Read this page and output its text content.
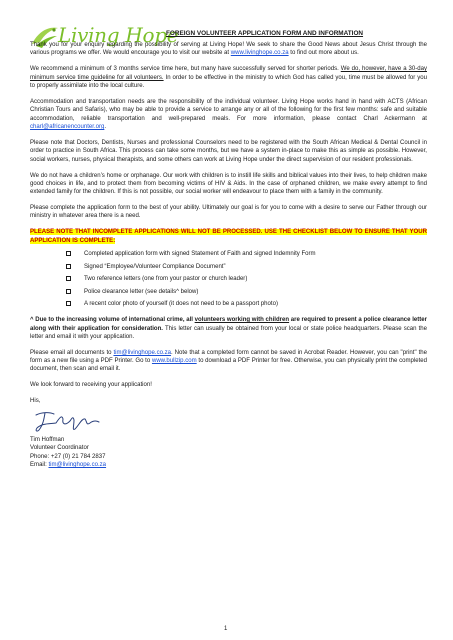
Living Hope
FOREIGN VOLUNTEER APPLICATION FORM AND INFORMATION

Thank you for your enquiry regarding the possibility of serving at Living Hope! We seek to share the Good News about Jesus Christ through the various programs we offer. We would encourage you to visit our website at www.livinghope.co.za to find out more about us.

We recommend a minimum of 3 months service time here, but many have successfully served for shorter periods. We do, however, have a 30-day minimum service time guideline for all volunteers. In order to be effective in the ministry to which God has called you, time must be allowed for you to properly assimilate into the local culture.

Accommodation and transportation needs are the responsibility of the individual volunteer. Living Hope works hand in hand with ACTS (African Christian Tours and Safaris), who may be able to provide a service to arrange any or all of the following for the first few months: safe and suitable accommodation, reliable transportation and well-prepared meals. For more information, please contact Charl Ackermann at charl@africanencounter.org.

Please note that Doctors, Dentists, Nurses and professional Counselors need to be registered with the South African Medical & Dental Council in order to practice in South Africa. This process can take some months, but we have a system in-place to make this as simple as possible. However, social workers, nurses, physical therapists, and some others can work at Living Hope under the direct supervision of our resident professionals.

We do not have a children’s home or orphanage. Our work with children is to instill life skills and biblical values into their lives, to help children make good choices in life, and to protect them from becoming victims of HIV & Aids. In the case of orphaned children, we make every attempt to find extended family for the children. If this is not possible, our social worker will endeavour to place them with a family in the community.

Please complete the application form to the best of your ability. Ultimately our goal is for you to come with a desire to serve our Father through our ministry in whatever area there is a need.

PLEASE NOTE THAT INCOMPLETE APPLICATIONS WILL NOT BE PROCESSED. USE THE CHECKLIST BELOW TO ENSURE THAT YOUR APPLICATION IS COMPLETE:

Completed application form with signed Statement of Faith and signed Indemnity Form
Signed “Employee/Volunteer Compliance Document”
Two reference letters (one from your pastor or church leader)
Police clearance letter (see details^ below)
A recent color photo of yourself (it does not need to be a passport photo)

^ Due to the increasing volume of international crime, all volunteers working with children are required to present a police clearance letter along with their application for consideration. This letter can usually be obtained from your local or state police headquarters. Please scan the letter and email it with your application.

Please email all documents to tim@livinghope.co.za. Note that a completed form cannot be saved in Acrobat Reader. However, you can "print" the form as a new file using a PDF Printer. Go to www.bullzip.com to download a PDF Printer for free. Otherwise, you can physically print the completed document, then scan and email it.

We look forward to receiving your application!

His,
Tim Hoffman
Volunteer Coordinator
Phone: +27 (0) 21 784 2837
Email: tim@livinghope.co.za
1
